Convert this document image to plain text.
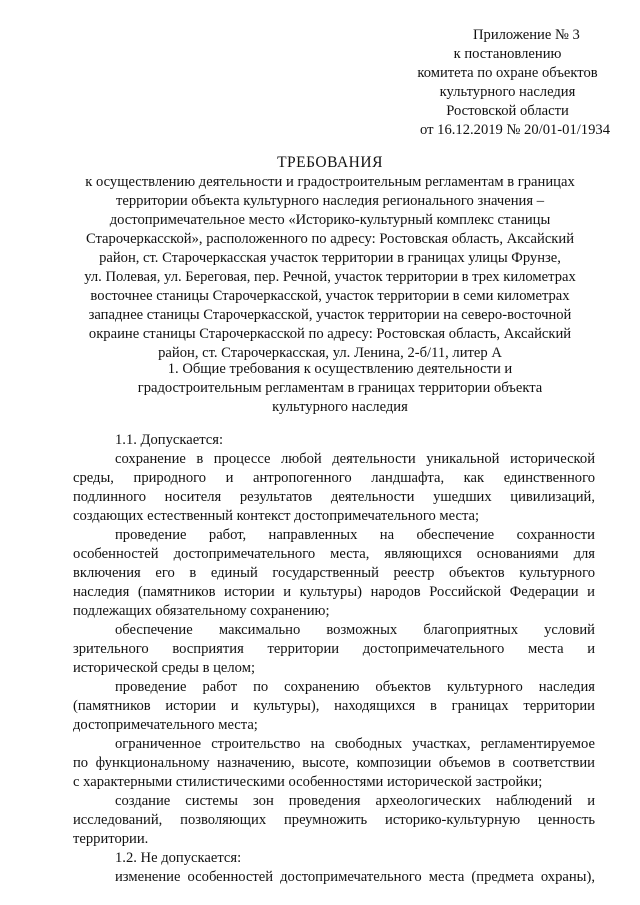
Приложение № 3
к постановлению
комитета по охране объектов
культурного наследия
Ростовской области
от 16.12.2019 № 20/01-01/1934
ТРЕБОВАНИЯ
к осуществлению деятельности и градостроительным регламентам в границах
территории объекта культурного наследия регионального значения –
достопримечательное место «Историко-культурный комплекс станицы
Старочеркасской», расположенного по адресу: Ростовская область, Аксайский
район, ст. Старочеркасская участок территории в границах улицы Фрунзе,
ул. Полевая, ул. Береговая, пер. Речной, участок территории в трех километрах
восточнее станицы Старочеркасской, участок территории в семи километрах
западнее станицы Старочеркасской, участок территории на северо-восточной
окраине станицы Старочеркасской по адресу: Ростовская область, Аксайский
район, ст. Старочеркасская, ул. Ленина, 2-б/11, литер А
1. Общие требования к осуществлению деятельности и
градостроительным регламентам в границах территории объекта
культурного наследия
1.1. Допускается:
сохранение в процессе любой деятельности уникальной исторической
среды, природного и антропогенного ландшафта, как единственного
подлинного носителя результатов деятельности ушедших цивилизаций,
создающих естественный контекст достопримечательного места;
проведение работ, направленных на обеспечение сохранности
особенностей достопримечательного места, являющихся основаниями для
включения его в единый государственный реестр объектов культурного
наследия (памятников истории и культуры) народов Российской Федерации и
подлежащих обязательному сохранению;
обеспечение максимально возможных благоприятных условий
зрительного восприятия территории достопримечательного места и
исторической среды в целом;
проведение работ по сохранению объектов культурного наследия
(памятников истории и культуры), находящихся в границах территории
достопримечательного места;
ограниченное строительство на свободных участках, регламентируемое
по функциональному назначению, высоте, композиции объемов в соответствии
с характерными стилистическими особенностями исторической застройки;
создание системы зон проведения археологических наблюдений и
исследований, позволяющих преумножить историко-культурную ценность
территории.
1.2. Не допускается:
изменение особенностей достопримечательного места (предмета охраны),
